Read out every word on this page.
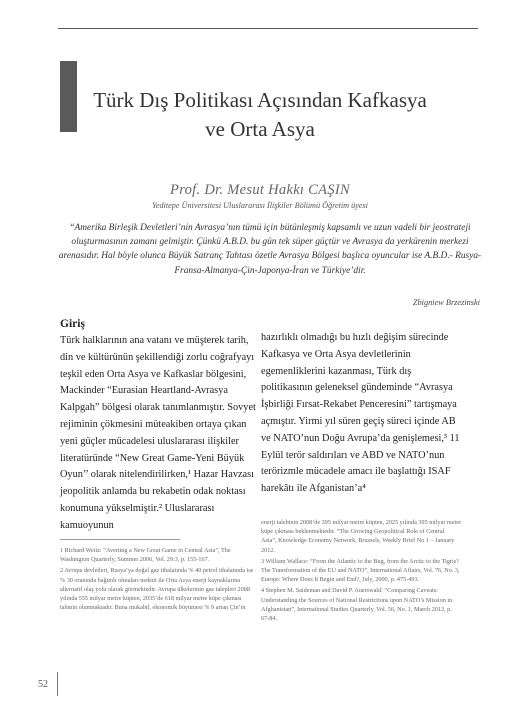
Türk Dış Politikası Açısından Kafkasya
ve Orta Asya
Prof. Dr. Mesut Hakkı CAŞIN
Yeditepe Üniversitesi Uluslararası İlişkiler Bölümü Öğretim üyesi
“Amerika Birleşik Devletleri’nin Avrasya’nın tümü için bütünleşmiş kapsamlı ve uzun vadeli bir jeostrateji oluşturmasının zamanı gelmiştir. Çünkü A.B.D. bu gün tek süper güçtür ve Avrasya da yerkürenin merkezi arenasıdır. Hal böyle olunca Büyük Satranç Tahtası özetle Avrasya Bölgesi başlıca oyuncular ise A.B.D.- Rusya-Fransa-Almanya-Çin-Japonya-İran ve Türkiye’dir.
Zbigniew Brzezinski
Giriş

Türk halklarının ana vatanı ve müşterek tarih, din ve kültürünün şekillendiği zorlu coğrafyayı teşkil eden Orta Asya ve Kafkaslar bölgesini, Mackinder “Eurasian Heartland-Avrasya Kalpgah” bölgesi olarak tanımlanmıştır. Sovyet rejiminin çökmesini müteakiben ortaya çıkan yeni güçler mücadelesi uluslararası ilişkiler literatüründe “New Great Game-Yeni Büyük Oyun’’ olarak nitelendirilirken,¹ Hazar Havzası jeopolitik anlamda bu rekabetin odak noktası konumuna yükselmiştir.² Uluslararası kamuoyunun

hazırlıklı olmadığı bu hızlı değişim sürecinde Kafkasya ve Orta Asya devletlerinin egemenliklerini kazanması, Türk dış politikasının geleneksel gündeminde “Avrasya İşbirliği Fırsat-Rekabet Penceresini” tartışmaya açmıştır. Yirmi yıl süren geçiş süreci içinde AB ve NATO’nun Doğu Avrupa’da genişlemesi,³ 11 Eylül terör saldırıları ve ABD ve NATO’nun terörizmle mücadele amacı ile başlattığı ISAF harekâtı ile Afganistan’a⁴

1 Richard Weitz: “Averting a New Great Game in Central Asia”, The Washington Quarterly, Summer 2006, Vol. 29:3, p. 155-167.

2 Avrupa devletleri, Rusya’ya doğal gaz ithalatında % 40 petrol ithalatında ise % 30 oranında bağımlı olmaları nedeni ile Orta Asya enerji kaynaklarına alternatif olaş yolu olarak görmektedir. Avrupa ülkelerinin gaz talepleri 2088 yılında 555 milyar metre küpten, 2035’de 618 milyar metre küpe çıkması tahmin olunmaktadır. Buna mukabil, ekonomik büyümesi % 9 artan Çin’in

enerji talebinin 2008’de 395 milyar metre küpten, 2025 yılında 395 milyar metre küpe çıkması beklenmektedir. “The Growing Geopolitical Role of Central Asia”, Knowledge Economy Network, Brussels, Weekly Brief No 1 – January 2012.

3 William Wallace: “From the Atlantic to the Bug, from the Arctic to the Tigris? The Transformation of the EU and NATO”, International Affairs, Vol. 76, No. 3, Europe: Where Does It Begin and End?, July, 2000, p. 475-493.

4 Stephen M. Saideman and David P. Auerswald: “Comparing Caveats: Understanding the Sources of National Restrictions upon NATO’s Mission in Afghanistan”, International Studies Quarterly, Vol. 56, No. 1, March 2012, p. 67-84.

52
